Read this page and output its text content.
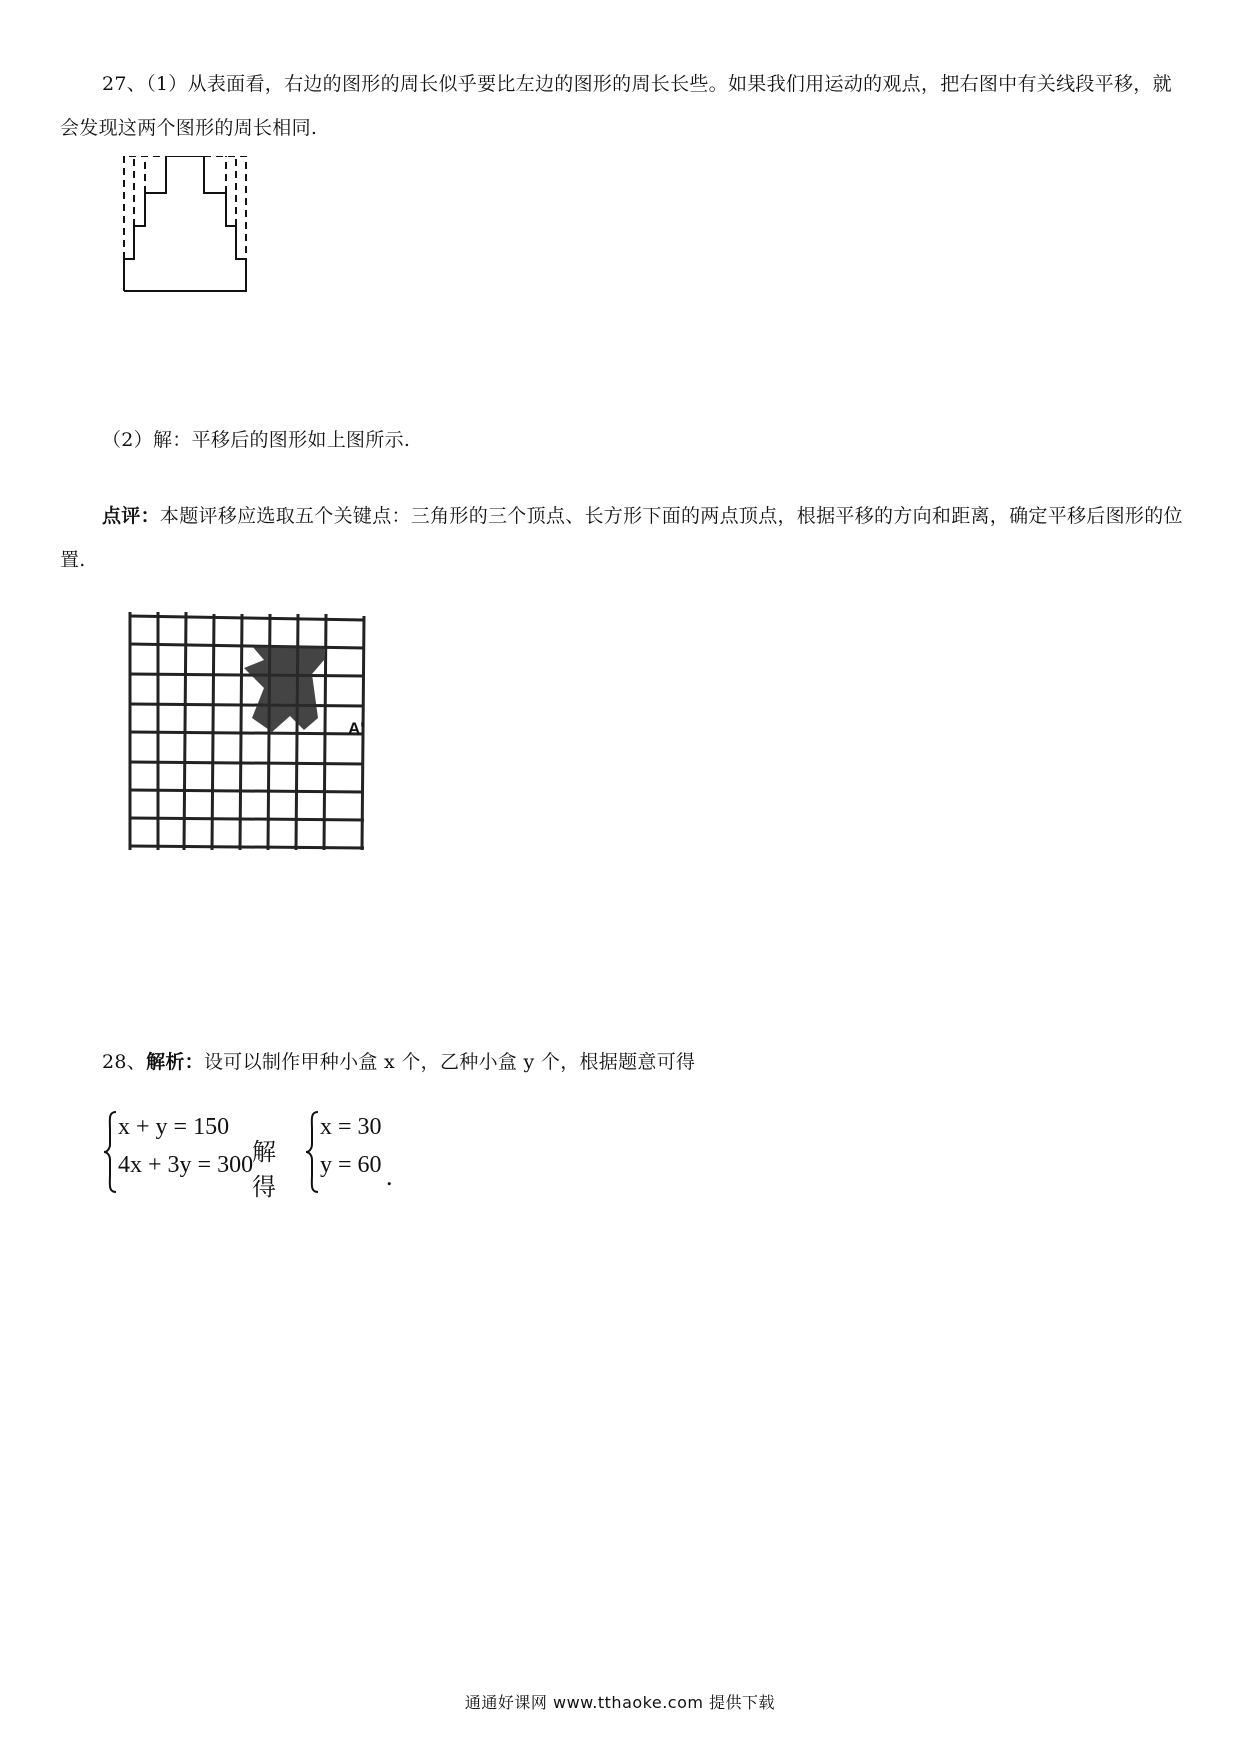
27、（1）从表面看，右边的图形的周长似乎要比左边的图形的周长长些。如果我们用运动的观点，把右图中有关线段平移，就会发现这两个图形的周长相同.
（2）解：平移后的图形如上图所示.
点评：本题评移应选取五个关键点：三角形的三个顶点、长方形下面的两点顶点，根据平移的方向和距离，确定平移后图形的位置.
A'
28、解析：设可以制作甲种小盒 x 个，乙种小盒 y 个，根据题意可得
x + y = 150
4x + 3y = 300
解得
x = 30
y = 60 .
通通好课网 www.tthaoke.com 提供下载
